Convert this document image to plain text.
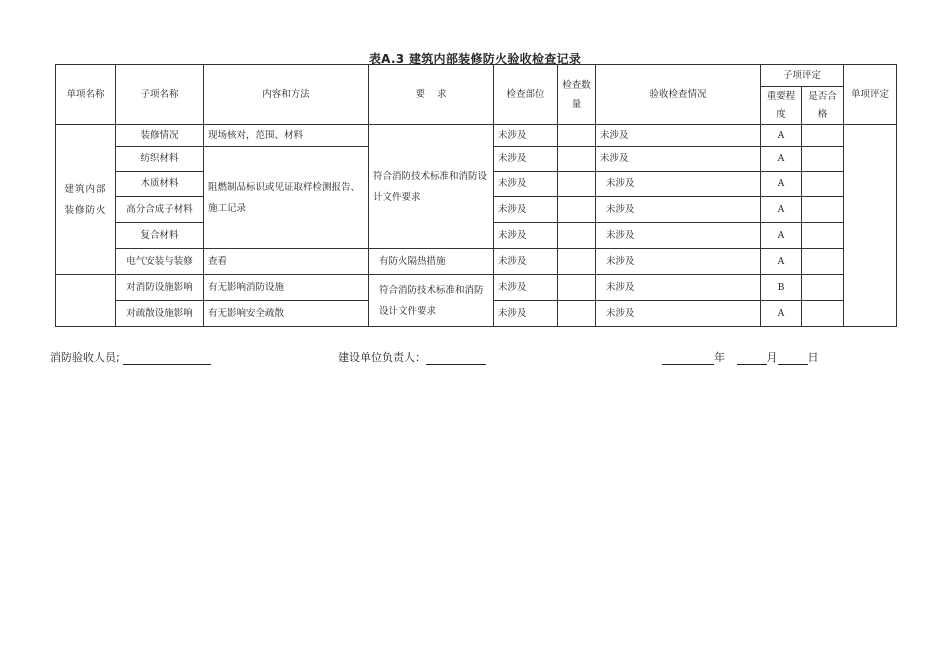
表A.3 建筑内部装修防火验收检查记录
单项名称	子项名称	内容和方法	要    求	检查部位	检查数量	验收检查情况	子项评定		单项评定
							重要程度	是否合格	
建筑内部装修防火	装修情况	现场核对，范围、材料	符合消防技术标准和消防设计文件要求	未涉及		未涉及	A		
	纺织材料	阻燃制品标识或见证取样检测报告、施工记录		未涉及		未涉及	A		
	木质材料			未涉及		未涉及	A		
	高分合成子材料			未涉及		未涉及	A		
	复合材料			未涉及		未涉及	A		
	电气安装与装修	查看	有防火隔热措施	未涉及		未涉及	A		
	对消防设施影响	有无影响消防设施	符合消防技术标准和消防设计文件要求	未涉及		未涉及	B		
	对疏散设施影响	有无影响安全疏散		未涉及		未涉及	A		
消防验收人员;	建设单位负责人：	年	月	日
